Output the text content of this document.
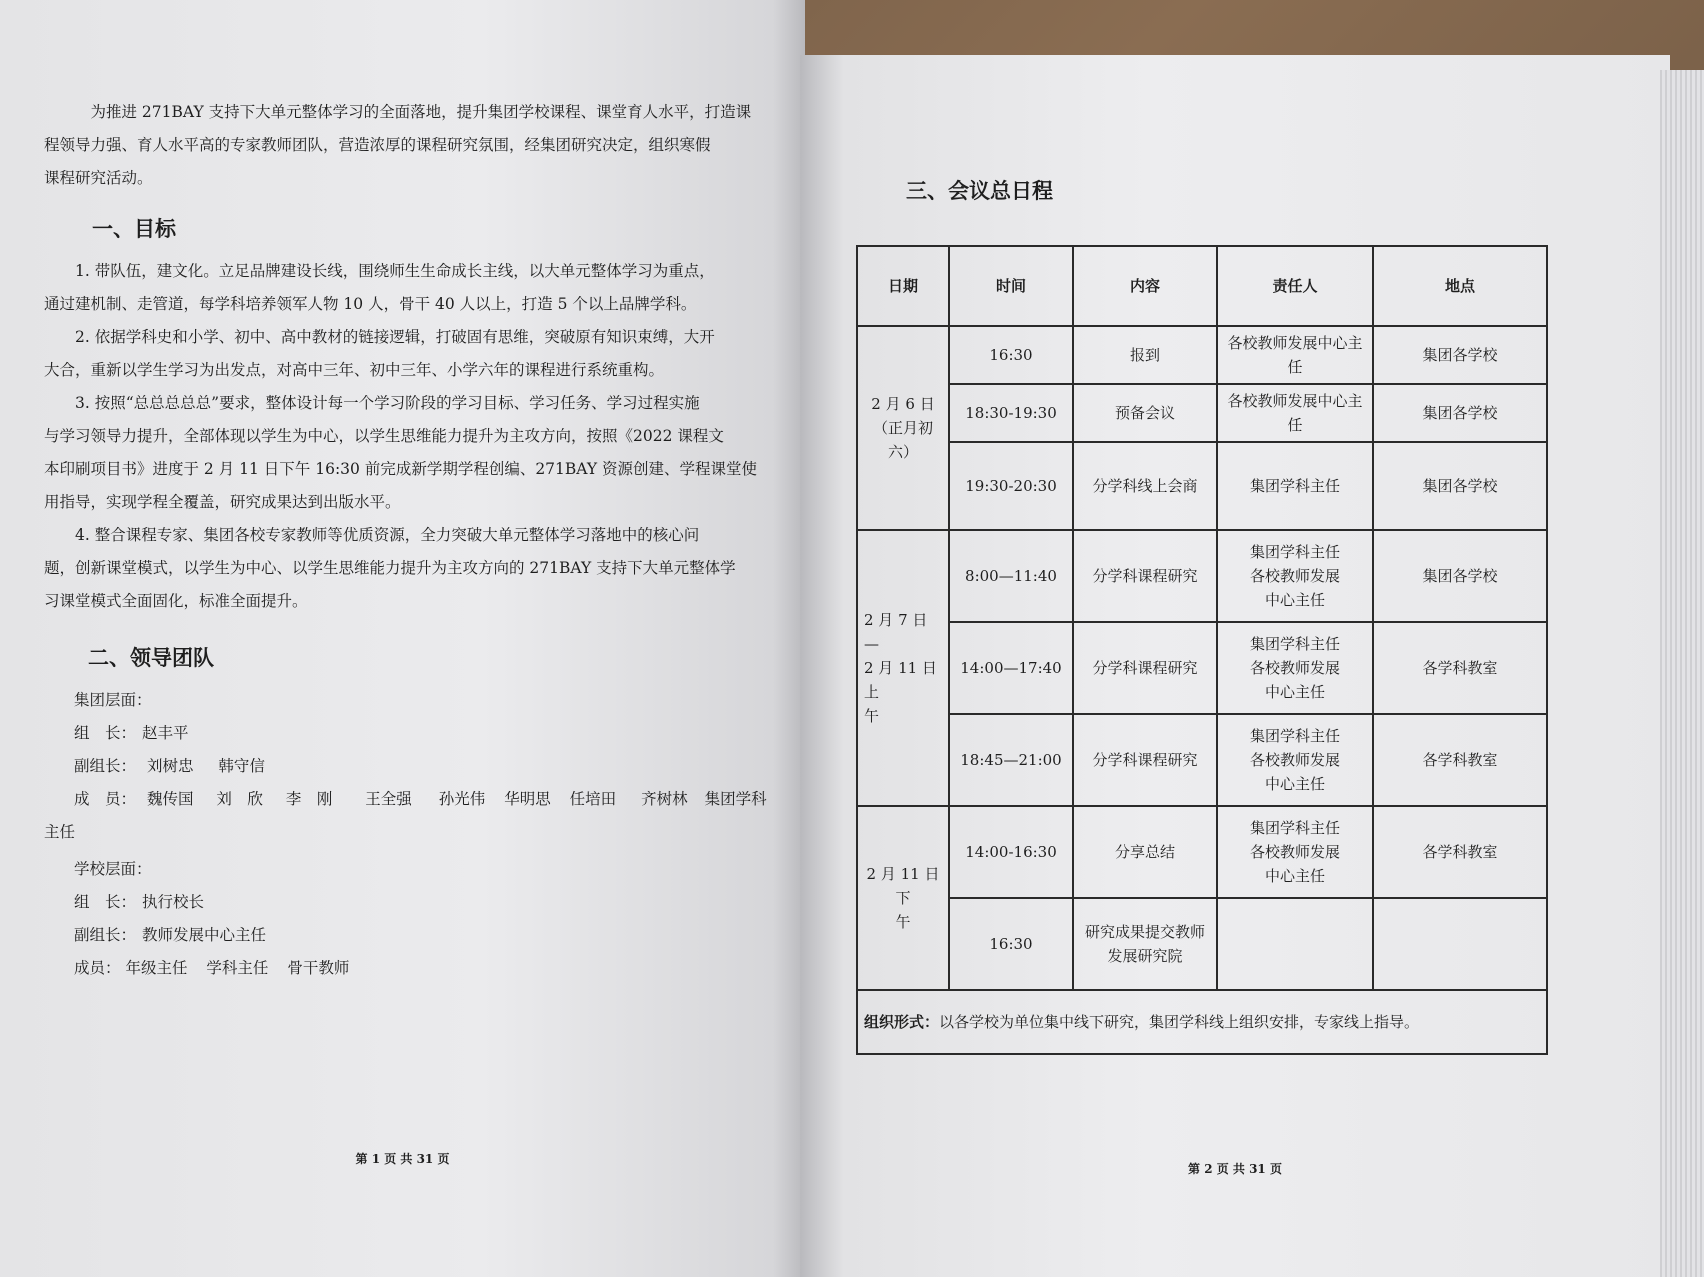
为推进 271BAY 支持下大单元整体学习的全面落地，提升集团学校课程、课堂育人水平，打造课

程领导力强、育人水平高的专家教师团队，营造浓厚的课程研究氛围，经集团研究决定，组织寒假

课程研究活动。

一、目标

1. 带队伍，建文化。立足品牌建设长线，围绕师生生命成长主线，以大单元整体学习为重点，

通过建机制、走管道，每学科培养领军人物 10 人，骨干 40 人以上，打造 5 个以上品牌学科。

2. 依据学科史和小学、初中、高中教材的链接逻辑，打破固有思维，突破原有知识束缚，大开

大合，重新以学生学习为出发点，对高中三年、初中三年、小学六年的课程进行系统重构。

3. 按照“总总总总总”要求，整体设计每一个学习阶段的学习目标、学习任务、学习过程实施

与学习领导力提升，全部体现以学生为中心，以学生思维能力提升为主攻方向，按照《2022 课程文

本印刷项目书》进度于 2 月 11 日下午 16:30 前完成新学期学程创编、271BAY 资源创建、学程课堂使

用指导，实现学程全覆盖，研究成果达到出版水平。

4. 整合课程专家、集团各校专家教师等优质资源，全力突破大单元整体学习落地中的核心问

题，创新课堂模式，以学生为中心、以学生思维能力提升为主攻方向的 271BAY 支持下大单元整体学

习课堂模式全面固化，标准全面提升。

二、领导团队
集团层面：
组　长： 赵丰平
副组长： 刘树忠 韩守信
成　员： 魏传国 刘　欣 李　刚 王全强 孙光伟 华明思 任培田 齐树林 集团学科
主任
学校层面：
组　长： 执行校长
副组长： 教师发展中心主任
成员： 年级主任 学科主任 骨干教师
第 1 页 共 31 页
三、会议总日程
日期	时间	内容	责任人	地点

2 月 6 日
（正月初
六）	16:30	报到	各校教师发展中心主
任	集团各学校
	18:30-19:30	预备会议	各校教师发展中心主
任	集团各学校
	19:30-20:30	分学科线上会商	集团学科主任	集团各学校

2 月 7 日—
2 月 11 日上
午	8:00—11:40	分学科课程研究	集团学科主任
各校教师发展
中心主任	集团各学校
	14:00—17:40	分学科课程研究	集团学科主任
各校教师发展
中心主任	各学科教室
	18:45—21:00	分学科课程研究	集团学科主任
各校教师发展
中心主任	各学科教室

2 月 11 日下
午	14:00-16:30	分享总结	集团学科主任
各校教师发展
中心主任	各学科教室
	16:30	研究成果提交教师
发展研究院		

组织形式：以各学校为单位集中线下研究，集团学科线上组织安排，专家线上指导。				
第 2 页 共 31 页
